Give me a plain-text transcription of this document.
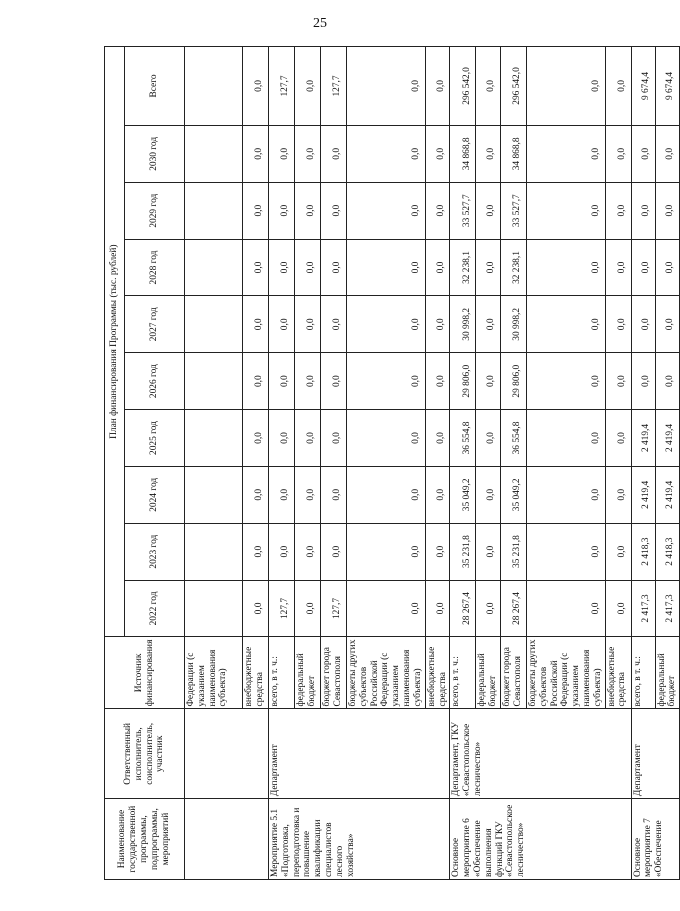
25
Наименование государственной программы, подпрограммы, мероприятий	Ответственный исполнитель, соисполнитель, участник	Источник финансирования	План финансирования Программы (тыс. рублей)									
			2022 год	2023 год	2024 год	2025 год	2026 год	2027 год	2028 год	2029 год	2030 год	Всего
		Федерации (с указанием наименования субъекта)										
		внебюджетные средства	0,0	0,0	0,0	0,0	0,0	0,0	0,0	0,0	0,0	0,0
Мероприятие 5.1 «Подготовка, переподготовка и повышение квалификации специалистов лесного хозяйства»	Департамент	всего, в т. ч.:	127,7	0,0	0,0	0,0	0,0	0,0	0,0	0,0	0,0	127,7
		федеральный бюджет	0,0	0,0	0,0	0,0	0,0	0,0	0,0	0,0	0,0	0,0
		бюджет города Севастополя	127,7	0,0	0,0	0,0	0,0	0,0	0,0	0,0	0,0	127,7
		бюджеты других субъектов Российской Федерации (с указанием наименования субъекта)	0,0	0,0	0,0	0,0	0,0	0,0	0,0	0,0	0,0	0,0
		внебюджетные средства	0,0	0,0	0,0	0,0	0,0	0,0	0,0	0,0	0,0	0,0
Основное мероприятие 6 «Обеспечение выполнения функций ГКУ «Севастопольское лесничество»	Департамент, ГКУ «Севастопольское лесничество»	всего, в т. ч.:	28 267,4	35 231,8	35 049,2	36 554,8	29 806,0	30 998,2	32 238,1	33 527,7	34 868,8	296 542,0
		федеральный бюджет	0,0	0,0	0,0	0,0	0,0	0,0	0,0	0,0	0,0	0,0
		бюджет города Севастополя	28 267,4	35 231,8	35 049,2	36 554,8	29 806,0	30 998,2	32 238,1	33 527,7	34 868,8	296 542,0
		бюджеты других субъектов Российской Федерации (с указанием наименования субъекта)	0,0	0,0	0,0	0,0	0,0	0,0	0,0	0,0	0,0	0,0
		внебюджетные средства	0,0	0,0	0,0	0,0	0,0	0,0	0,0	0,0	0,0	0,0
Основное мероприятие 7 «Обеспечение	Департамент	всего, в т. ч.:	2 417,3	2 418,3	2 419,4	2 419,4	0,0	0,0	0,0	0,0	0,0	9 674,4
		федеральный бюджет	2 417,3	2 418,3	2 419,4	2 419,4	0,0	0,0	0,0	0,0	0,0	9 674,4
